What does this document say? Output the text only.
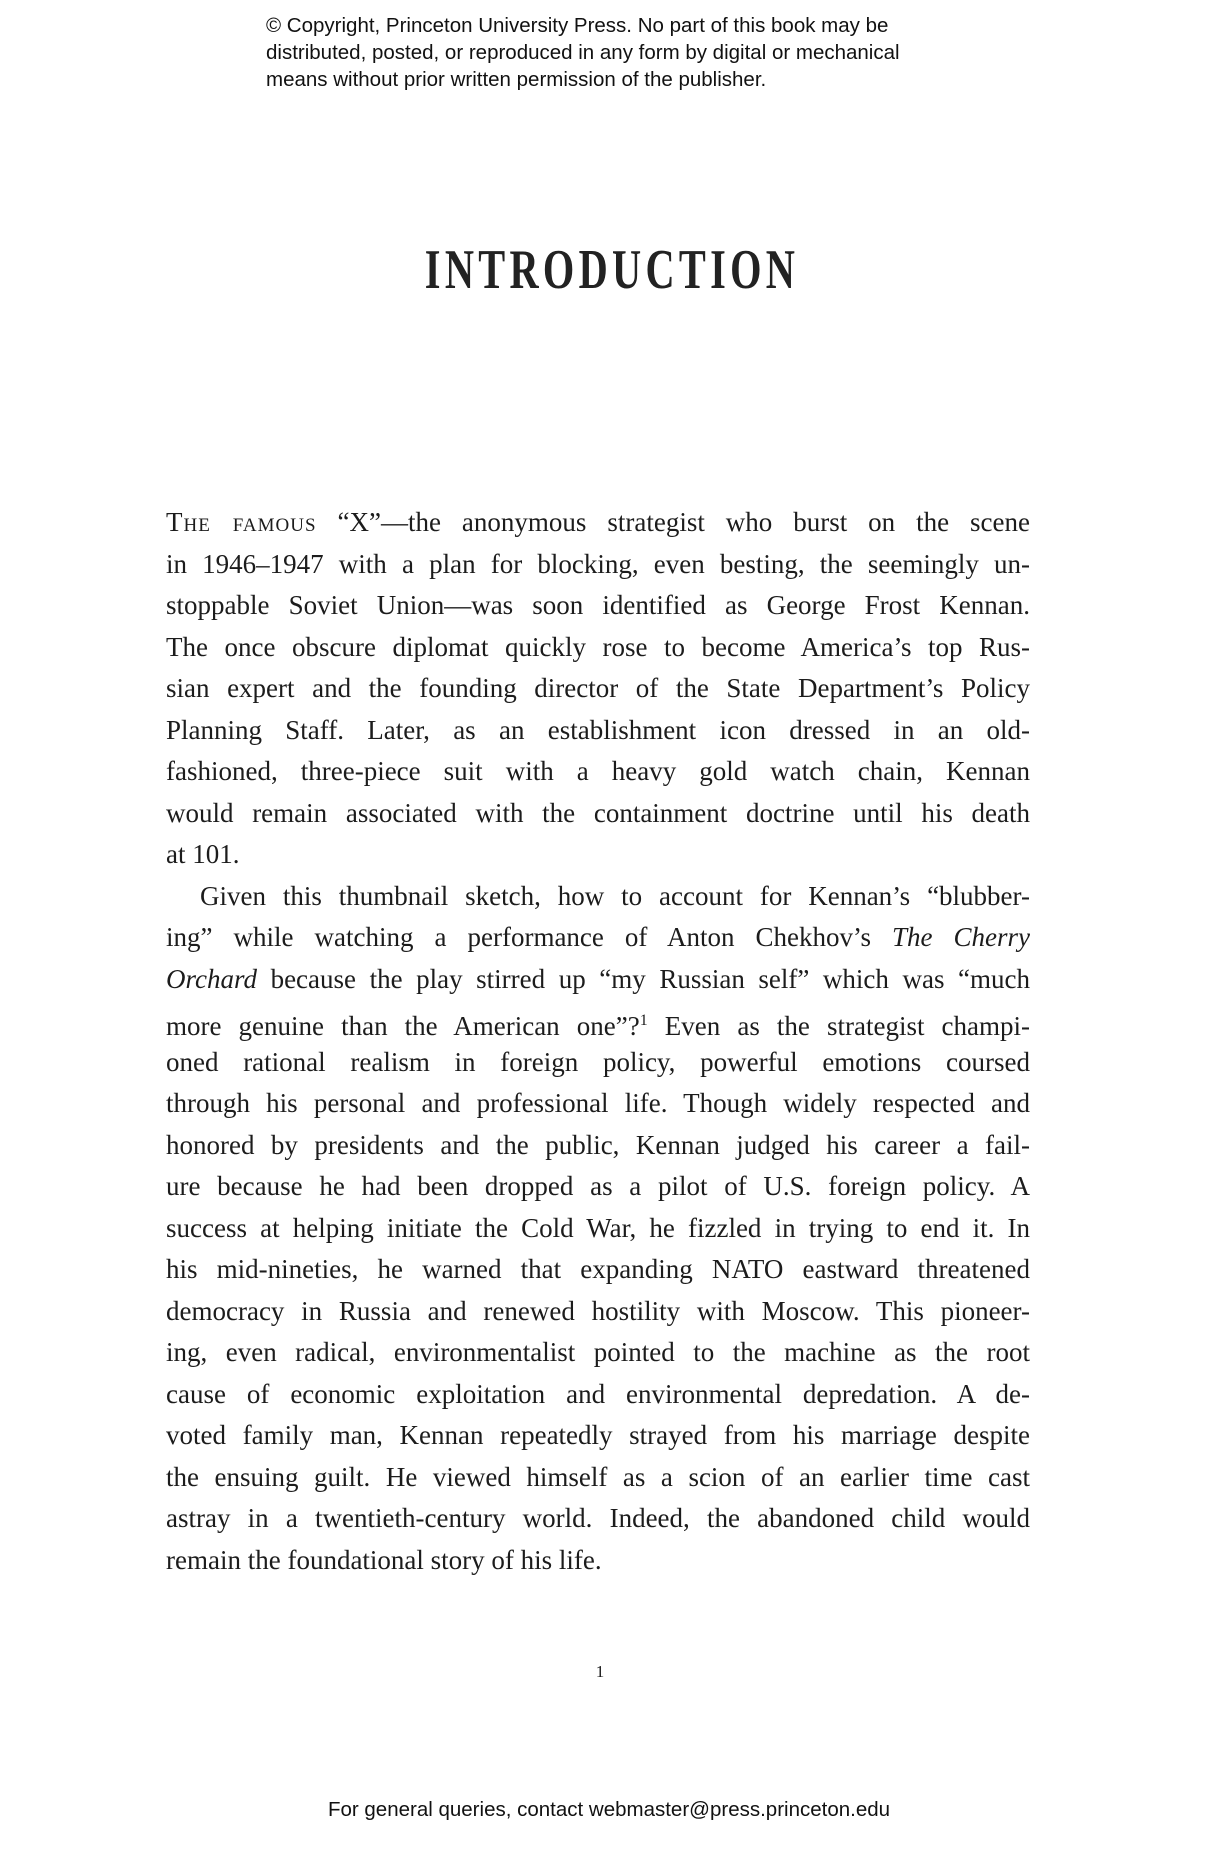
© Copyright, Princeton University Press. No part of this book may be
distributed, posted, or reproduced in any form by digital or mechanical
means without prior written permission of the publisher.
INTRODUCTION
The famous “X”—the anonymous strategist who burst on the scene
in 1946–1947 with a plan for blocking, even besting, the seemingly un-
stoppable Soviet Union—was soon identified as George Frost Kennan.
The once obscure diplomat quickly rose to become America’s top Rus-
sian expert and the founding director of the State Department’s Policy
Planning Staff. Later, as an establishment icon dressed in an old-
fashioned, three-piece suit with a heavy gold watch chain, Kennan
would remain associated with the containment doctrine until his death
at 101.
Given this thumbnail sketch, how to account for Kennan’s “blubber-
ing” while watching a performance of Anton Chekhov’s The Cherry
Orchard because the play stirred up “my Russian self” which was “much
more genuine than the American one”?$^1$ Even as the strategist champi-
oned rational realism in foreign policy, powerful emotions coursed
through his personal and professional life. Though widely respected and
honored by presidents and the public, Kennan judged his career a fail-
ure because he had been dropped as a pilot of U.S. foreign policy. A
success at helping initiate the Cold War, he fizzled in trying to end it. In
his mid-nineties, he warned that expanding NATO eastward threatened
democracy in Russia and renewed hostility with Moscow. This pioneer-
ing, even radical, environmentalist pointed to the machine as the root
cause of economic exploitation and environmental depredation. A de-
voted family man, Kennan repeatedly strayed from his marriage despite
the ensuing guilt. He viewed himself as a scion of an earlier time cast
astray in a twentieth-century world. Indeed, the abandoned child would
remain the foundational story of his life.
1
For general queries, contact webmaster@press.princeton.edu
